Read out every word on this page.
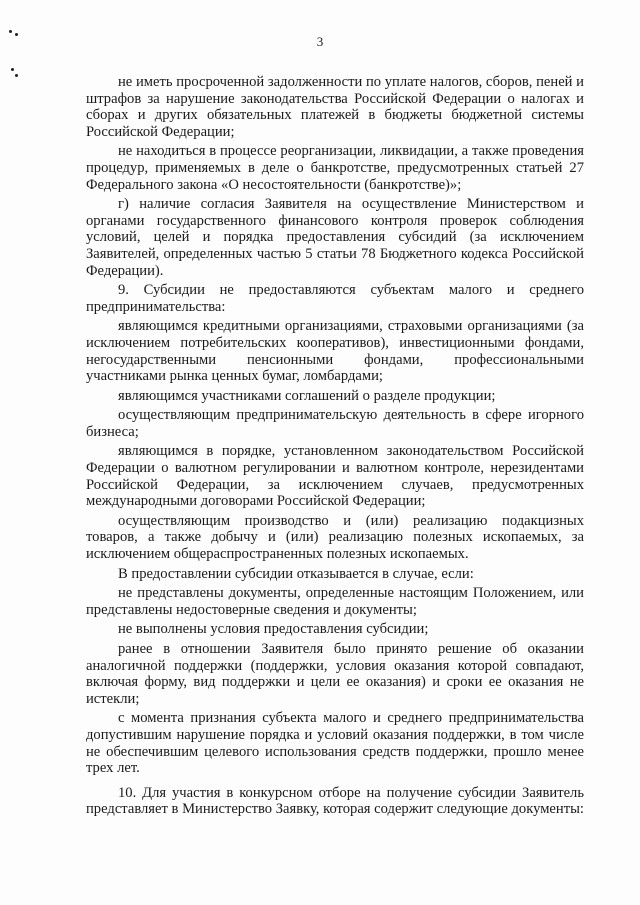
3

не иметь просроченной задолженности по уплате налогов, сборов, пеней и штрафов за нарушение законодательства Российской Федерации о налогах и сборах и других обязательных платежей в бюджеты бюджетной системы Российской Федерации;

не находиться в процессе реорганизации, ликвидации, а также проведения процедур, применяемых в деле о банкротстве, предусмотренных статьей 27 Федерального закона «О несостоятельности (банкротстве)»;

г) наличие согласия Заявителя на осуществление Министерством и органами государственного финансового контроля проверок соблюдения условий, целей и порядка предоставления субсидий (за исключением Заявителей, определенных частью 5 статьи 78 Бюджетного кодекса Российской Федерации).

9. Субсидии не предоставляются субъектам малого и среднего предпринимательства:

являющимся кредитными организациями, страховыми организациями (за исключением потребительских кооперативов), инвестиционными фондами, негосударственными пенсионными фондами, профессиональными участниками рынка ценных бумаг, ломбардами;

являющимся участниками соглашений о разделе продукции;

осуществляющим предпринимательскую деятельность в сфере игорного бизнеса;

являющимся в порядке, установленном законодательством Российской Федерации о валютном регулировании и валютном контроле, нерезидентами Российской Федерации, за исключением случаев, предусмотренных международными договорами Российской Федерации;

осуществляющим производство и (или) реализацию подакцизных товаров, а также добычу и (или) реализацию полезных ископаемых, за исключением общераспространенных полезных ископаемых.

В предоставлении субсидии отказывается в случае, если:

не представлены документы, определенные настоящим Положением, или представлены недостоверные сведения и документы;

не выполнены условия предоставления субсидии;

ранее в отношении Заявителя было принято решение об оказании аналогичной поддержки (поддержки, условия оказания которой совпадают, включая форму, вид поддержки и цели ее оказания) и сроки ее оказания не истекли;

с момента признания субъекта малого и среднего предпринимательства допустившим нарушение порядка и условий оказания поддержки, в том числе не обеспечившим целевого использования средств поддержки, прошло менее трех лет.

10. Для участия в конкурсном отборе на получение субсидии Заявитель представляет в Министерство Заявку, которая содержит следующие документы:
